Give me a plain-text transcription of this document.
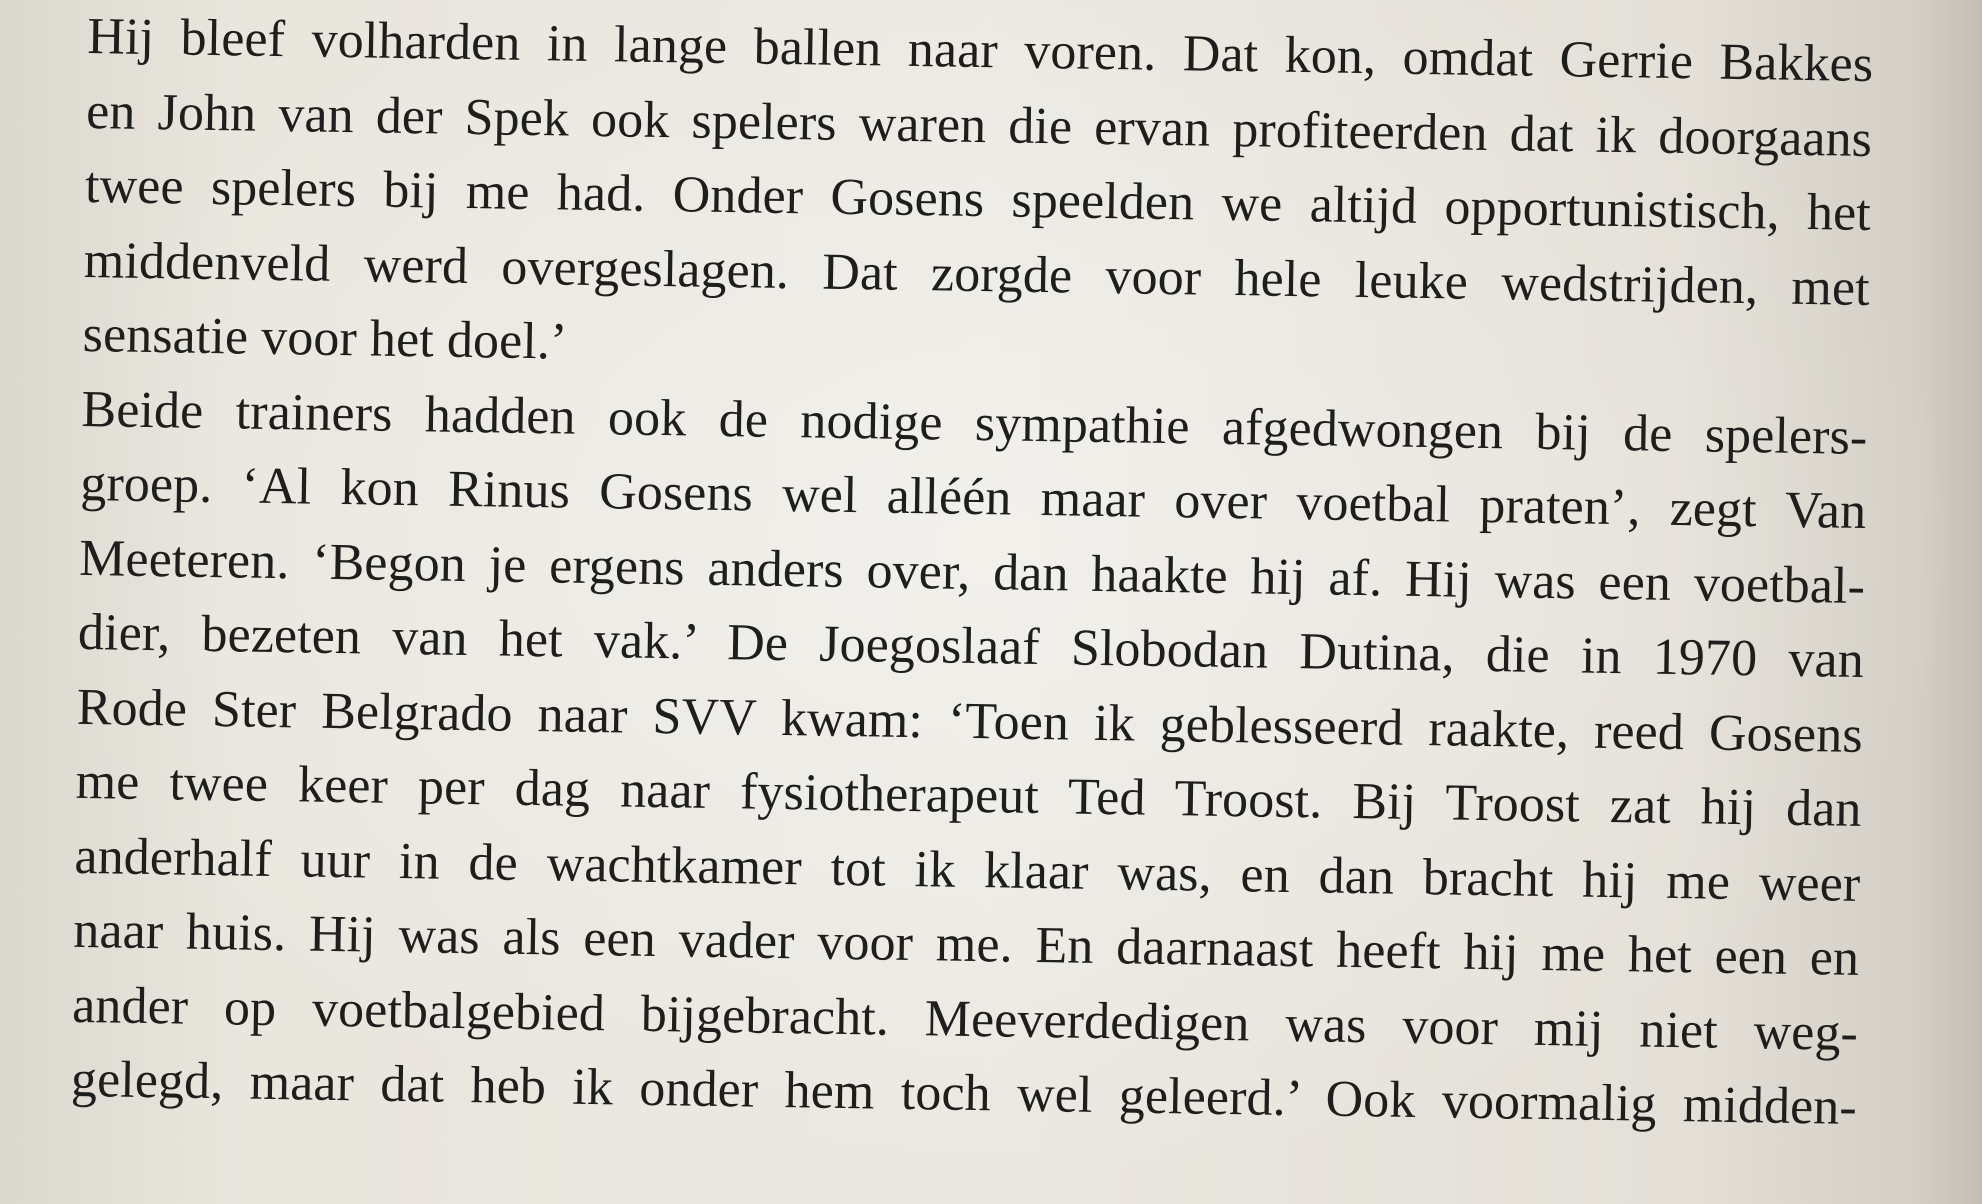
Hij bleef volharden in lange ballen naar voren. Dat kon, omdat Gerrie Bakkes
en John van der Spek ook spelers waren die ervan profiteerden dat ik doorgaans
twee spelers bij me had. Onder Gosens speelden we altijd opportunistisch, het
middenveld werd overgeslagen. Dat zorgde voor hele leuke wedstrijden, met
sensatie voor het doel.’
Beide trainers hadden ook de nodige sympathie afgedwongen bij de spelers-
groep. ‘Al kon Rinus Gosens wel alléén maar over voetbal praten’, zegt Van
Meeteren. ‘Begon je ergens anders over, dan haakte hij af. Hij was een voetbal-
dier, bezeten van het vak.’ De Joegoslaaf Slobodan Dutina, die in 1970 van
Rode Ster Belgrado naar SVV kwam: ‘Toen ik geblesseerd raakte, reed Gosens
me twee keer per dag naar fysiotherapeut Ted Troost. Bij Troost zat hij dan
anderhalf uur in de wachtkamer tot ik klaar was, en dan bracht hij me weer
naar huis. Hij was als een vader voor me. En daarnaast heeft hij me het een en
ander op voetbalgebied bijgebracht. Meeverdedigen was voor mij niet weg-
gelegd, maar dat heb ik onder hem toch wel geleerd.’ Ook voormalig midden-
